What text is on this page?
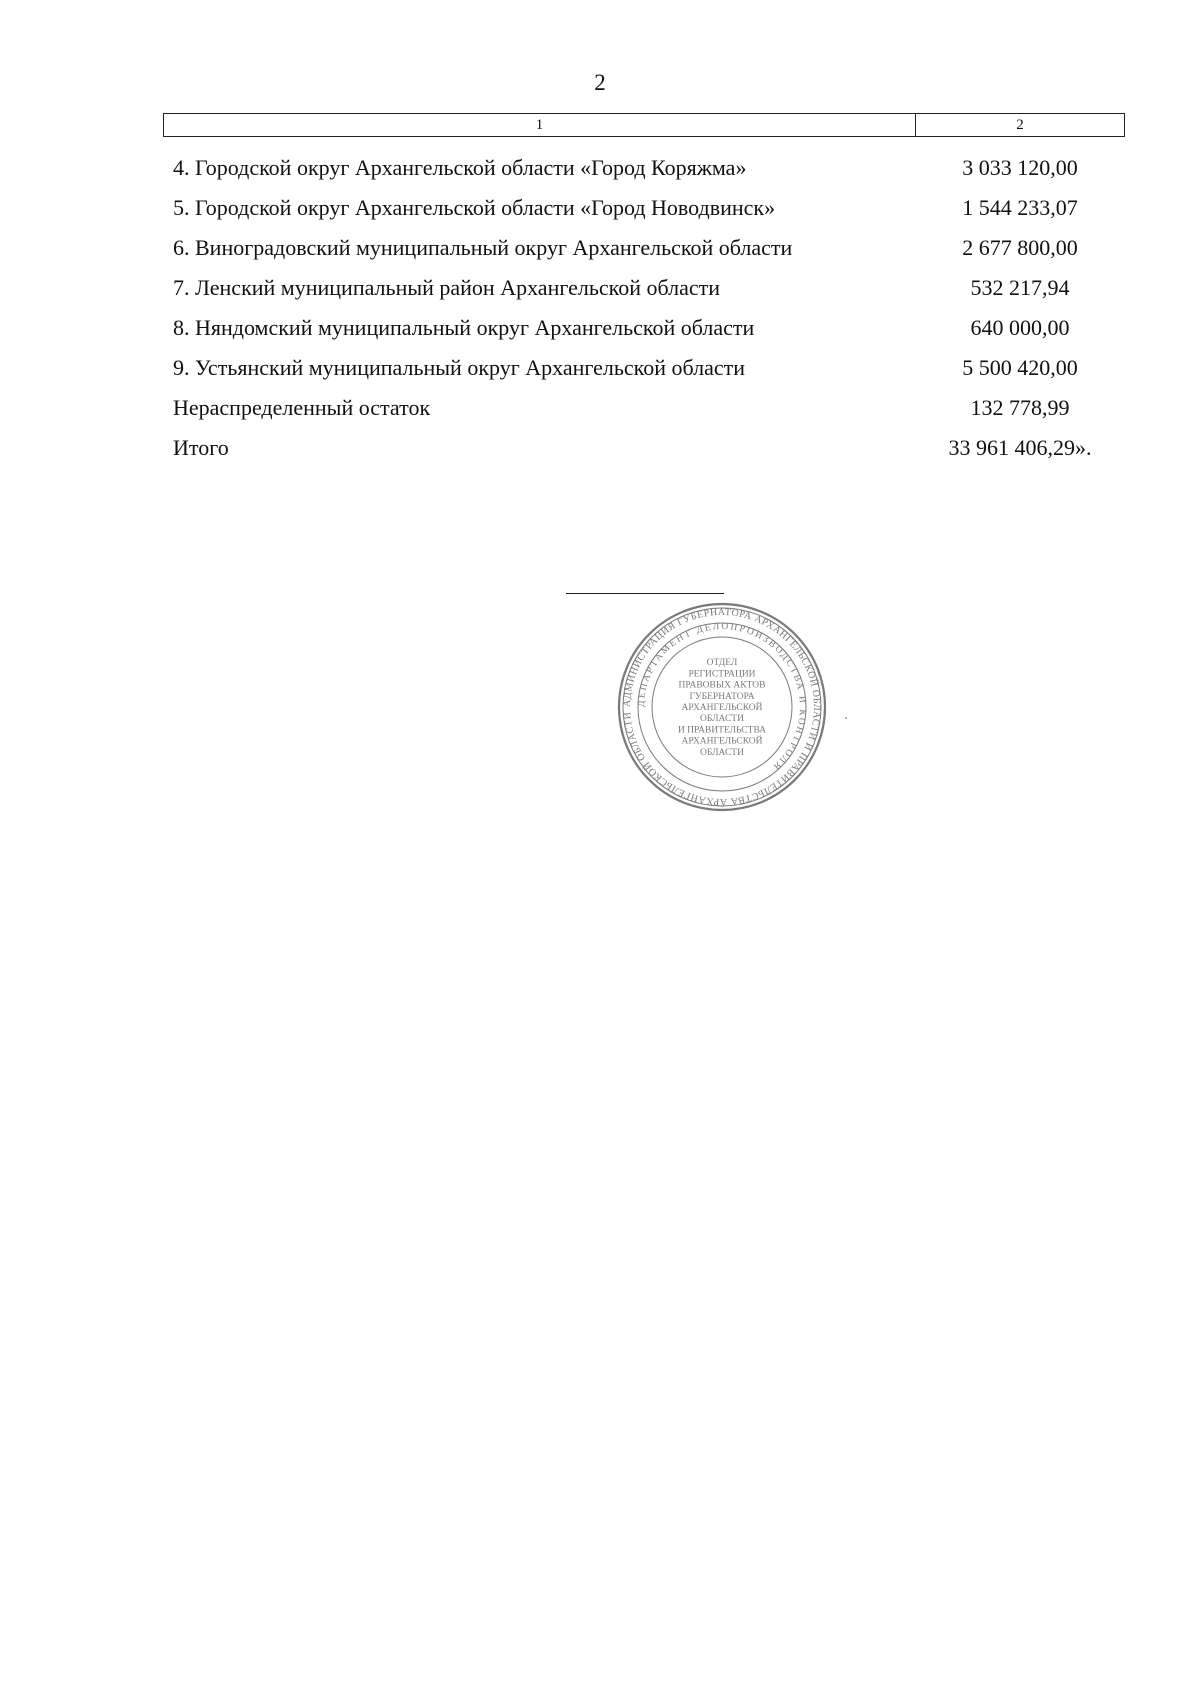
2
1	2
4. Городской округ Архангельской области «Город Коряжма»	3 033 120,00
5. Городской округ Архангельской области «Город Новодвинск»	1 544 233,07
6. Виноградовский муниципальный округ Архангельской области	2 677 800,00
7. Ленский муниципальный район Архангельской области	532 217,94
8. Няндомский муниципальный округ Архангельской области	640 000,00
9. Устьянский муниципальный округ Архангельской области	5 500 420,00
Нераспределенный остаток	132 778,99
Итого	33 961 406,29».
АДМИНИСТРАЦИЯ ГУБЕРНАТОРА АРХАНГЕЛЬСКОЙ ОБЛАСТИ И ПРАВИТЕЛЬСТВА АРХАНГЕЛЬСКОЙ ОБЛАСТИ
ДЕПАРТАМЕНТ ДЕЛОПРОИЗВОДСТВА И КОНТРОЛЯ
ОТДЕЛ
РЕГИСТРАЦИИ
ПРАВОВЫХ АКТОВ
ГУБЕРНАТОРА
АРХАНГЕЛЬСКОЙ
ОБЛАСТИ
И ПРАВИТЕЛЬСТВА
АРХАНГЕЛЬСКОЙ
ОБЛАСТИ
